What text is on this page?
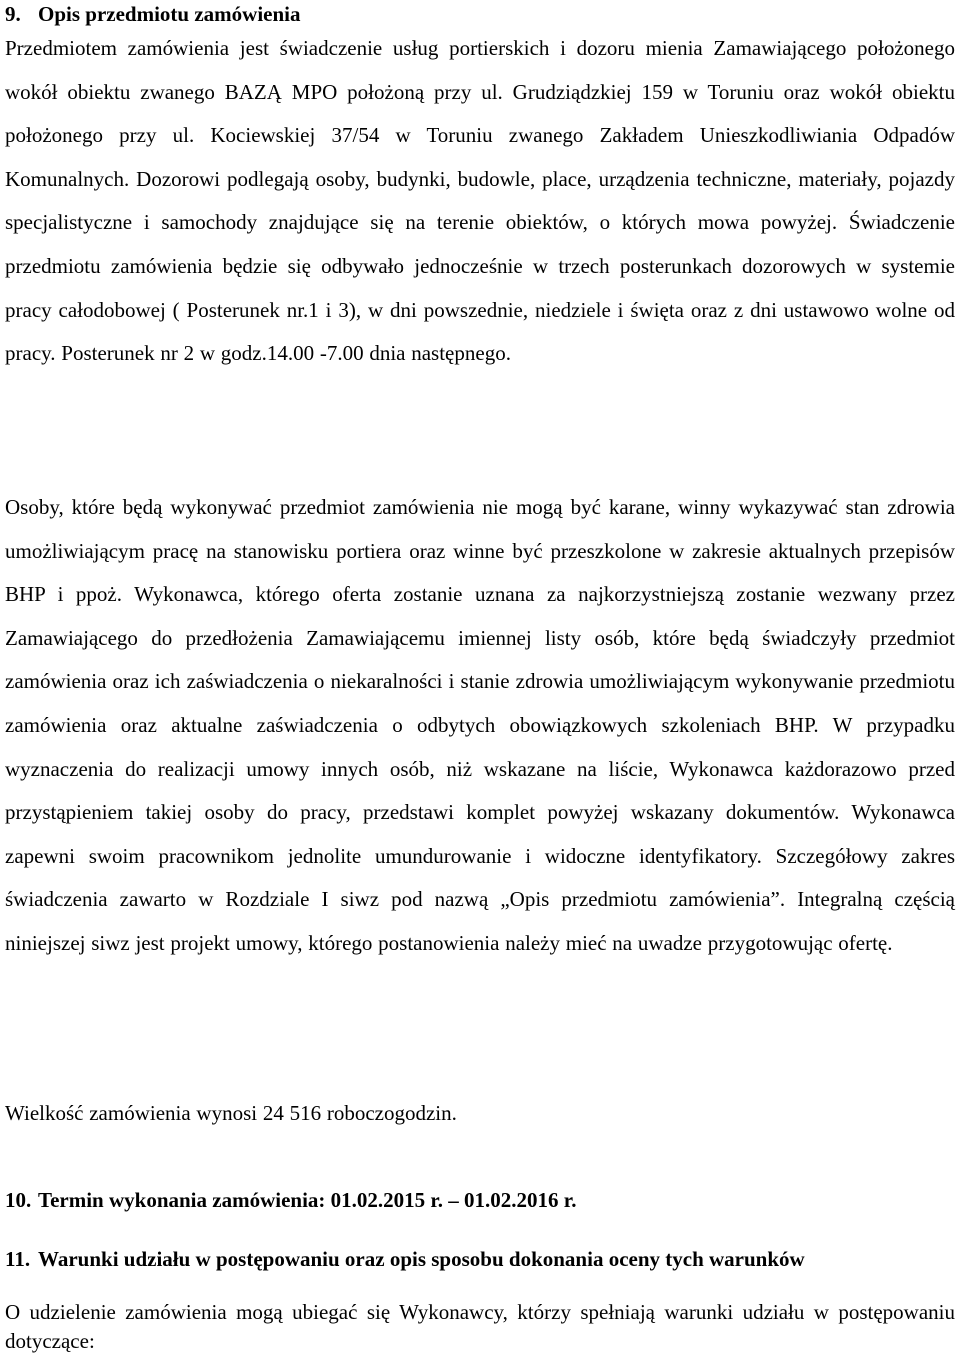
9. Opis przedmiotu zamówienia

Przedmiotem zamówienia jest świadczenie usług portierskich i dozoru mienia Zamawiającego położonego wokół obiektu zwanego BAZĄ MPO położoną przy ul. Grudziądzkiej 159 w Toruniu oraz wokół obiektu położonego przy ul. Kociewskiej 37/54 w Toruniu zwanego Zakładem Unieszkodliwiania Odpadów Komunalnych. Dozorowi podlegają osoby, budynki, budowle, place, urządzenia techniczne, materiały, pojazdy specjalistyczne i samochody znajdujące się na terenie obiektów, o których mowa powyżej. Świadczenie przedmiotu zamówienia będzie się odbywało jednocześnie w trzech posterunkach dozorowych w systemie pracy całodobowej ( Posterunek nr.1 i 3), w dni powszednie, niedziele i święta oraz z dni ustawowo wolne od pracy. Posterunek nr 2 w godz.14.00 -7.00 dnia następnego.

Osoby, które będą wykonywać przedmiot zamówienia nie mogą być karane, winny wykazywać stan zdrowia umożliwiającym pracę na stanowisku portiera oraz winne być przeszkolone w zakresie aktualnych przepisów BHP i ppoż. Wykonawca, którego oferta zostanie uznana za najkorzystniejszą zostanie wezwany przez Zamawiającego do przedłożenia Zamawiającemu imiennej listy osób, które będą świadczyły przedmiot zamówienia oraz ich zaświadczenia o niekaralności i stanie zdrowia umożliwiającym wykonywanie przedmiotu zamówienia oraz aktualne zaświadczenia o odbytych obowiązkowych szkoleniach BHP. W przypadku wyznaczenia do realizacji umowy innych osób, niż wskazane na liście, Wykonawca każdorazowo przed przystąpieniem takiej osoby do pracy, przedstawi komplet powyżej wskazany dokumentów. Wykonawca zapewni swoim pracownikom jednolite umundurowanie i widoczne identyfikatory. Szczegółowy zakres świadczenia zawarto w Rozdziale I siwz pod nazwą „Opis przedmiotu zamówienia”. Integralną częścią niniejszej siwz jest projekt umowy, którego postanowienia należy mieć na uwadze przygotowując ofertę.

Wielkość zamówienia wynosi 24 516 roboczogodzin.

10. Termin wykonania zamówienia: 01.02.2015 r. – 01.02.2016 r.
11. Warunki udziału w postępowaniu oraz opis sposobu dokonania oceny tych warunków

O udzielenie zamówienia mogą ubiegać się Wykonawcy, którzy spełniają warunki udziału w postępowaniu dotyczące:
